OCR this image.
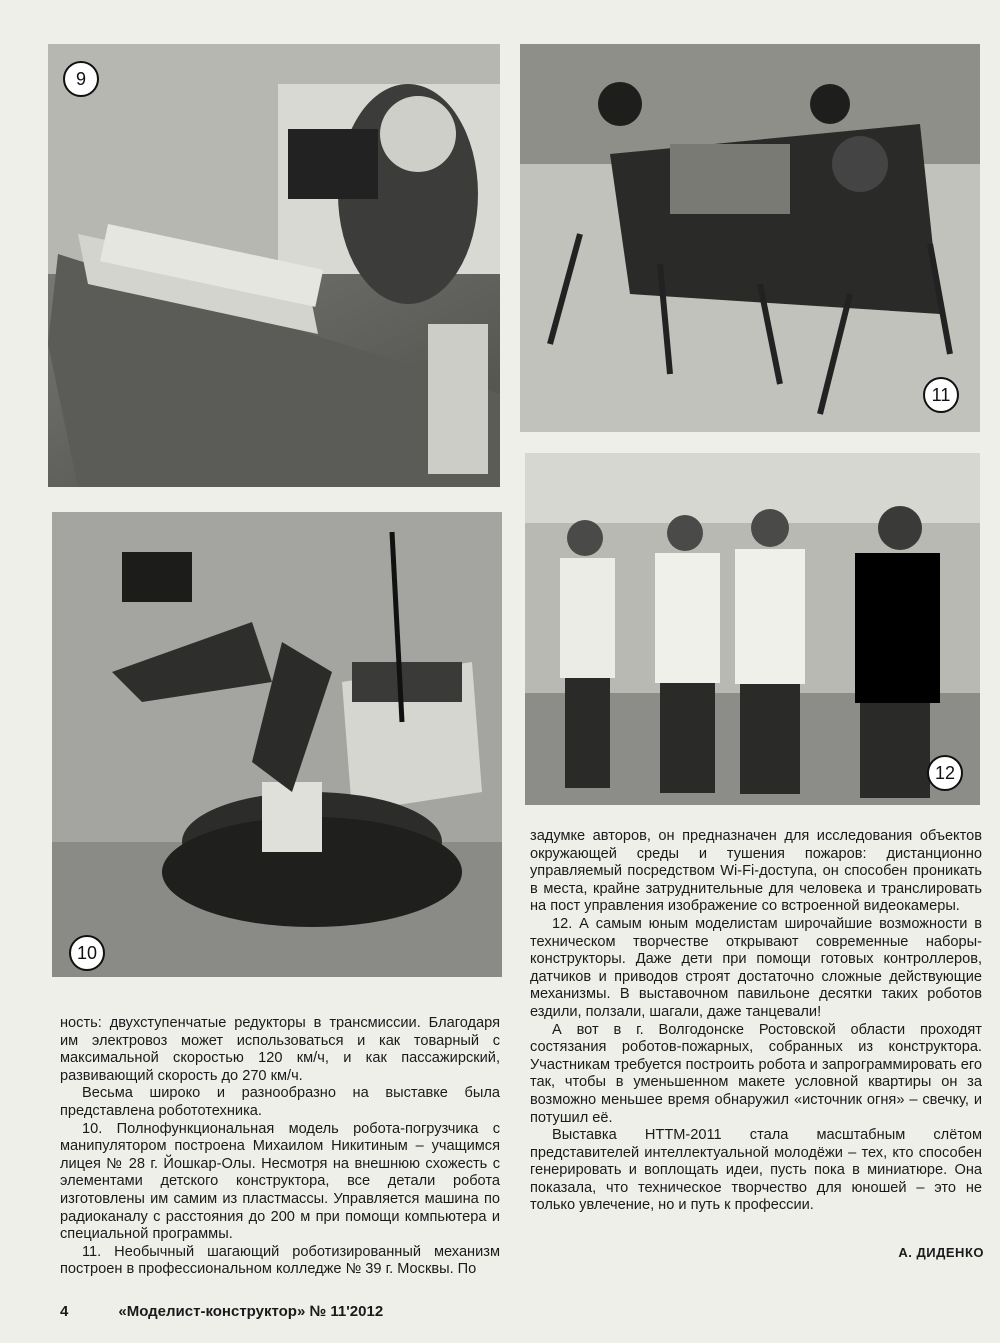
9
11
10
12

ность: двухступенчатые редукторы в трансмиссии. Благодаря им электровоз может использоваться и как товарный с максимальной скоростью 120 км/ч, и как пассажирский, развивающий скорость до 270 км/ч.

Весьма широко и разнообразно на выставке была представлена робототехника.

10. Полнофункциональная модель робота-погрузчика с манипулятором построена Михаилом Никитиным – учащимся лицея № 28 г. Йошкар-Олы. Несмотря на внешнюю схожесть с элементами детского конструктора, все детали робота изготовлены им самим из пластмассы. Управляется машина по радиоканалу с расстояния до 200 м при помощи компьютера и специальной программы.

11. Необычный шагающий роботизированный механизм построен в профессиональном колледже № 39 г. Москвы. По

задумке авторов, он предназначен для исследования объектов окружающей среды и тушения пожаров: дистанционно управляемый посредством Wi-Fi-доступа, он способен проникать в места, крайне затруднительные для человека и транслировать на пост управления изображение со встроенной видеокамеры.

12. А самым юным моделистам широчайшие возможности в техническом творчестве открывают современные наборы-конструкторы. Даже дети при помощи готовых контроллеров, датчиков и приводов строят достаточно сложные действующие механизмы. В выставочном павильоне десятки таких роботов ездили, ползали, шагали, даже танцевали!

А вот в г. Волгодонске Ростовской области проходят состязания роботов-пожарных, собранных из конструктора. Участникам требуется построить робота и запрограммировать его так, чтобы в уменьшенном макете условной квартиры он за возможно меньшее время обнаружил «источник огня» – свечку, и потушил её.

Выставка НТТМ-2011 стала масштабным слётом представителей интеллектуальной молодёжи – тех, кто способен генерировать и воплощать идеи, пусть пока в миниатюре. Она показала, что техническое творчество для юношей – это не только увлечение, но и путь к профессии.

А. ДИДЕНКО
4	«Моделист-конструктор» № 11'2012
